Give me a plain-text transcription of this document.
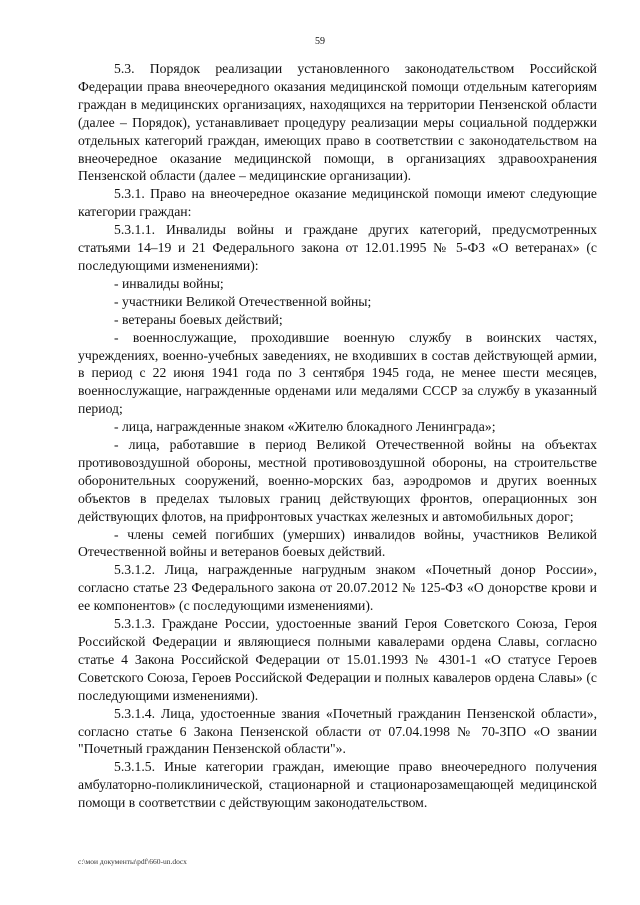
59

5.3. Порядок реализации установленного законодательством Российской Федерации права внеочередного оказания медицинской помощи отдельным категориям граждан в медицинских организациях, находящихся на территории Пензенской области (далее – Порядок), устанавливает процедуру реализации меры социальной поддержки отдельных категорий граждан, имеющих право в соответствии с законодательством на внеочередное оказание медицинской помощи, в организациях здравоохранения Пензенской области (далее – медицинские организации).

5.3.1. Право на внеочередное оказание медицинской помощи имеют следующие категории граждан:

5.3.1.1. Инвалиды войны и граждане других категорий, предусмотренных статьями 14–19 и 21 Федерального закона от 12.01.1995 № 5-ФЗ «О ветеранах» (с последующими изменениями):

- инвалиды войны;

- участники Великой Отечественной войны;

- ветераны боевых действий;

- военнослужащие, проходившие военную службу в воинских частях, учреждениях, военно-учебных заведениях, не входивших в состав действующей армии, в период с 22 июня 1941 года по 3 сентября 1945 года, не менее шести месяцев, военнослужащие, награжденные орденами или медалями СССР за службу в указанный период;

- лица, награжденные знаком «Жителю блокадного Ленинграда»;

- лица, работавшие в период Великой Отечественной войны на объектах противовоздушной обороны, местной противовоздушной обороны, на строительстве оборонительных сооружений, военно-морских баз, аэродромов и других военных объектов в пределах тыловых границ действующих фронтов, операционных зон действующих флотов, на прифронтовых участках железных и автомобильных дорог;

- члены семей погибших (умерших) инвалидов войны, участников Великой Отечественной войны и ветеранов боевых действий.

5.3.1.2. Лица, награжденные нагрудным знаком «Почетный донор России», согласно статье 23 Федерального закона от 20.07.2012 № 125-ФЗ «О донорстве крови и ее компонентов» (с последующими изменениями).

5.3.1.3. Граждане России, удостоенные званий Героя Советского Союза, Героя Российской Федерации и являющиеся полными кавалерами ордена Славы, согласно статье 4 Закона Российской Федерации от 15.01.1993 № 4301-1 «О статусе Героев Советского Союза, Героев Российской Федерации и полных кавалеров ордена Славы» (с последующими изменениями).

5.3.1.4. Лица, удостоенные звания «Почетный гражданин Пензенской области», согласно статье 6 Закона Пензенской области от 07.04.1998 № 70-ЗПО «О звании "Почетный гражданин Пензенской области"».

5.3.1.5. Иные категории граждан, имеющие право внеочередного получения амбулаторно-поликлинической, стационарной и стационарозамещающей медицинской помощи в соответствии с действующим законодательством.

c:\мои документы\pdf\660-un.docx
